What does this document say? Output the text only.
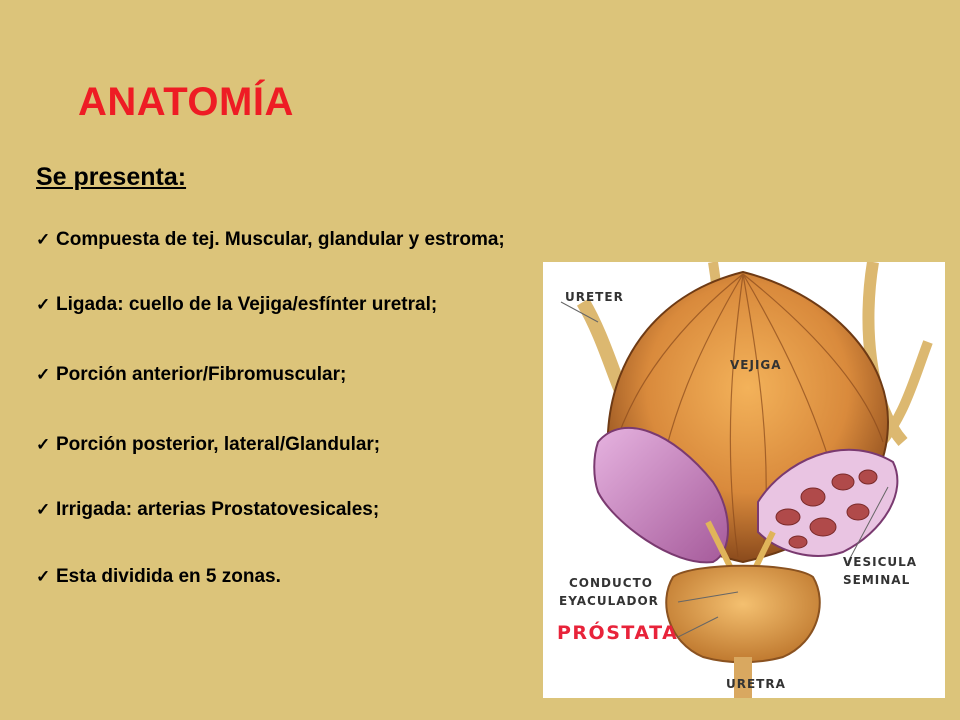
ANATOMÍA
Se presenta:
✓ Compuesta de tej. Muscular, glandular y estroma;
✓ Ligada: cuello de la Vejiga/esfínter uretral;
✓ Porción anterior/Fibromuscular;
✓ Porción posterior, lateral/Glandular;
✓ Irrigada: arterias Prostatovesicales;
✓ Esta dividida en 5 zonas.
URETER
VEJIGA
VESICULA
SEMINAL
CONDUCTO
EYACULADOR
PRÓSTATA
URETRA
